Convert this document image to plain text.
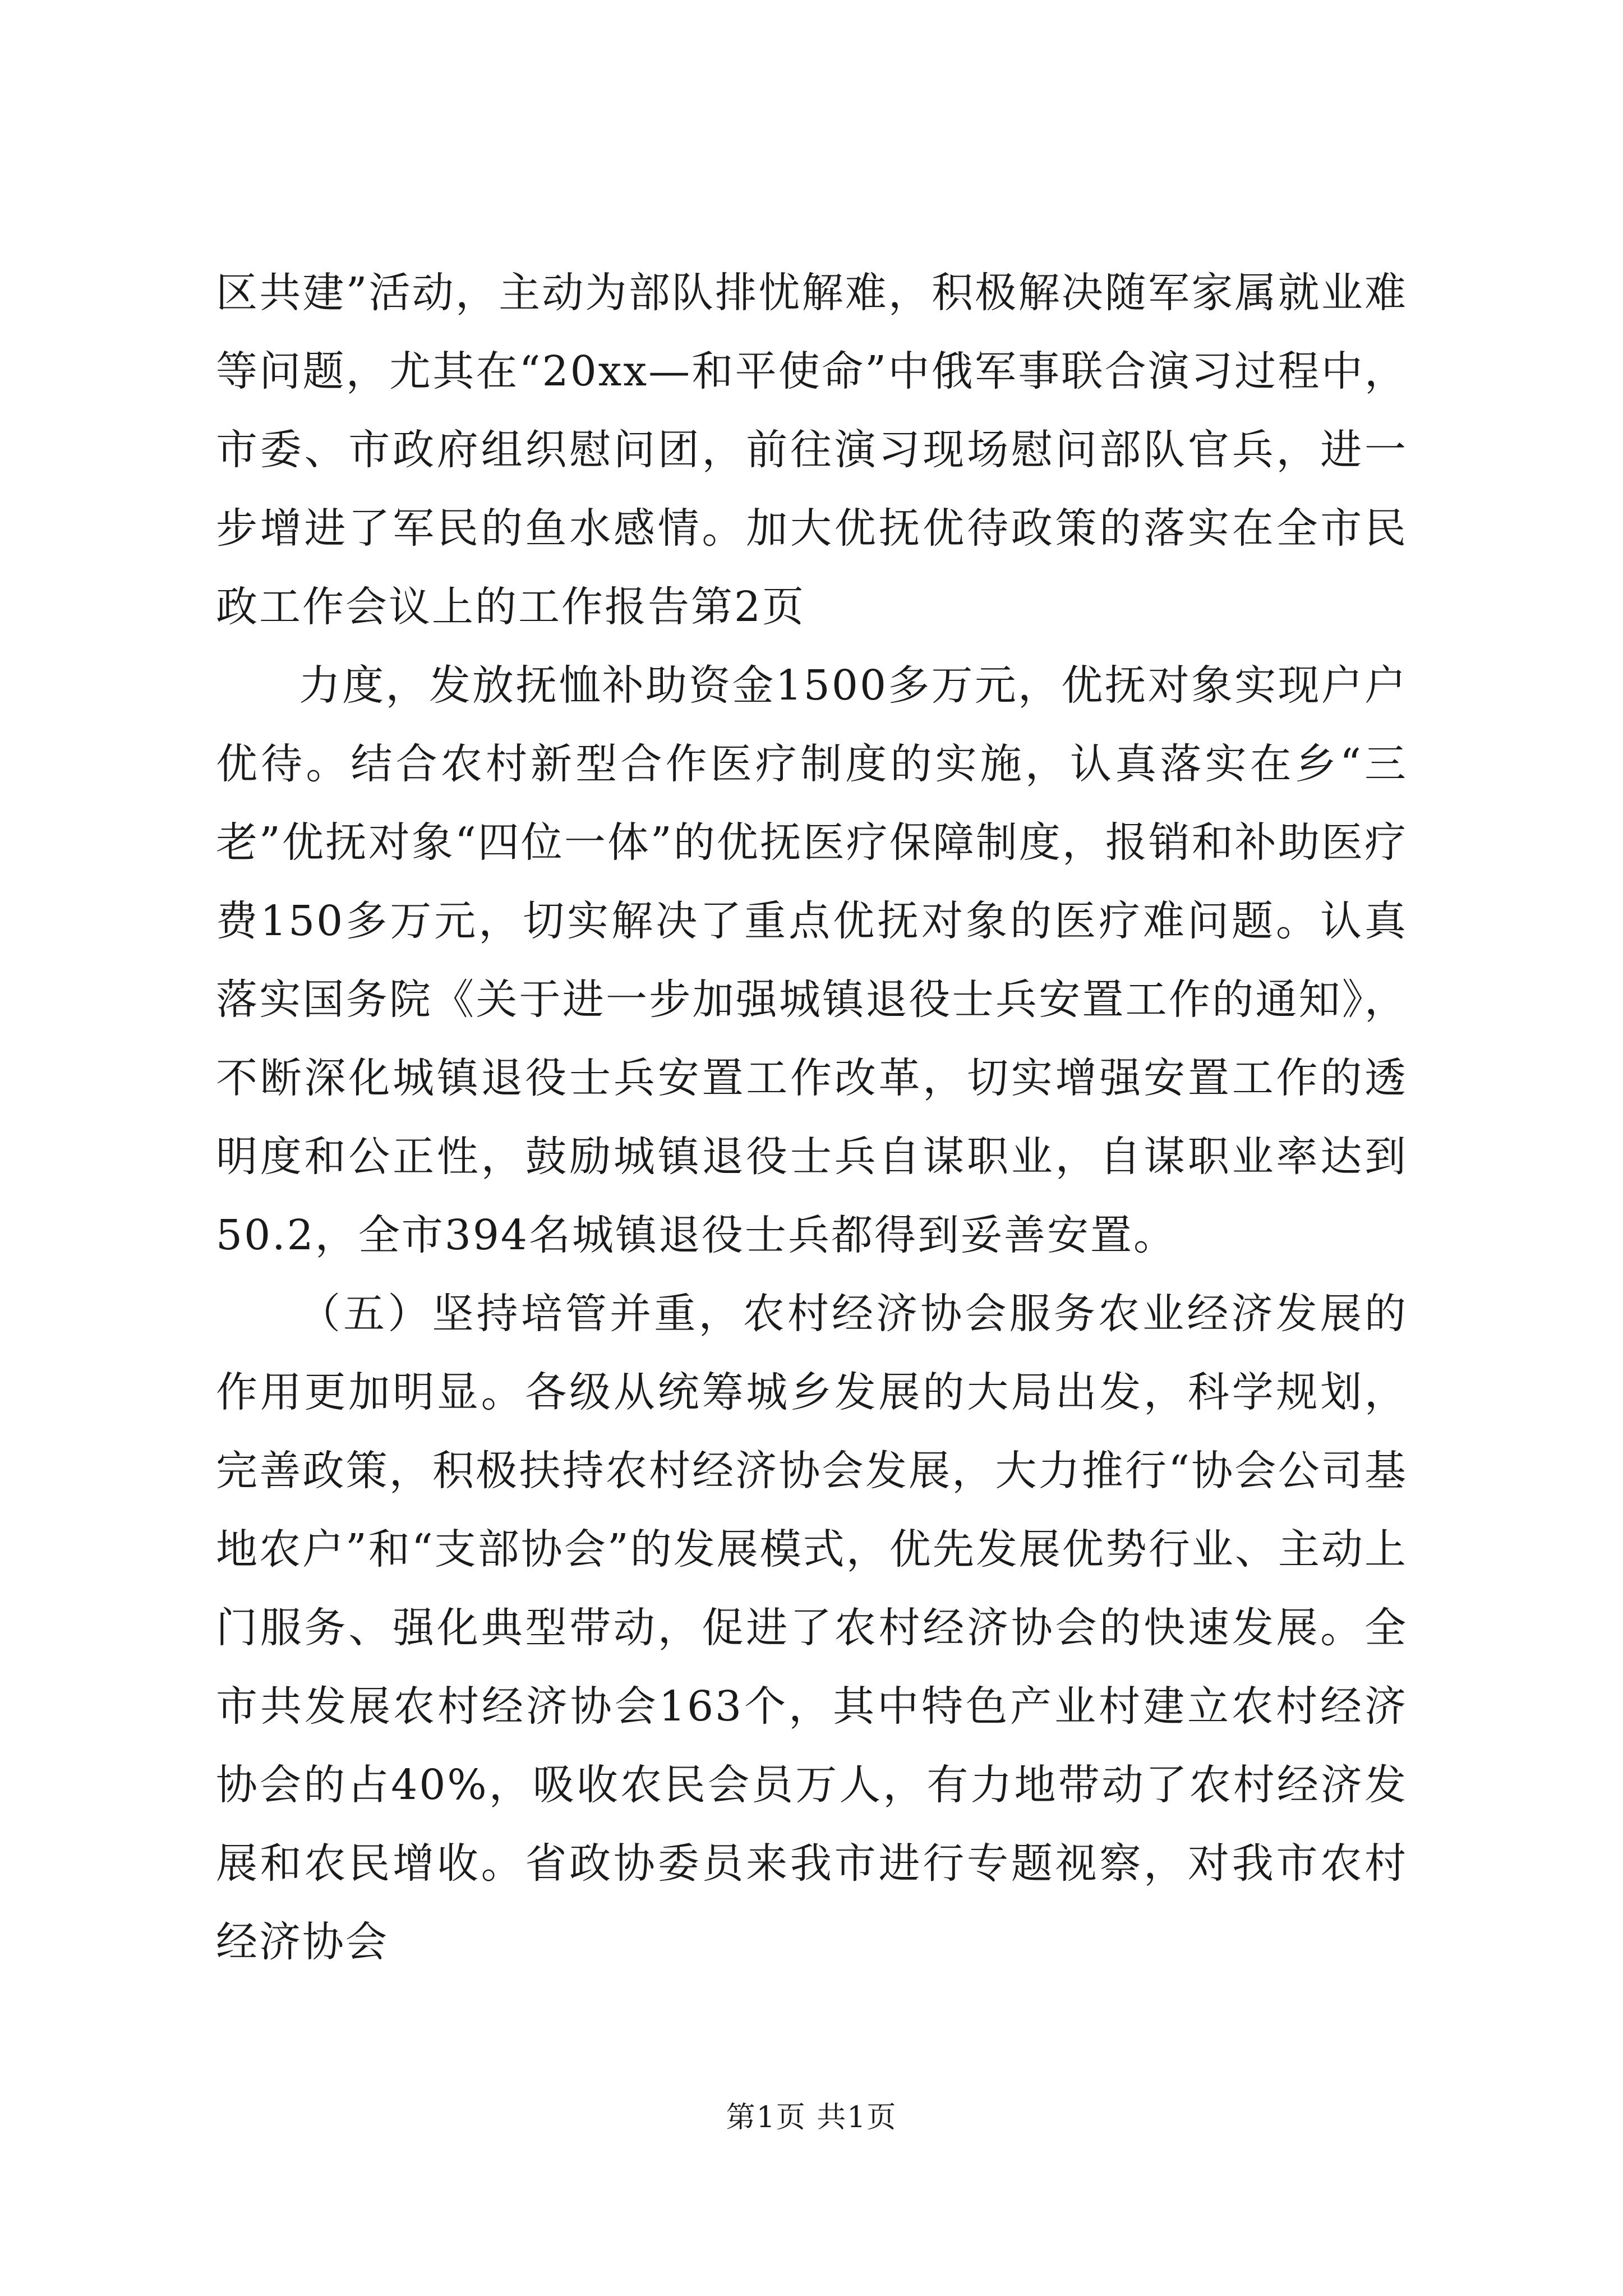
区共建”活动，主动为部队排忧解难，积极解决随军家属就业难等问题，尤其在“20xx—和平使命”中俄军事联合演习过程中，市委、市政府组织慰问团，前往演习现场慰问部队官兵，进一步增进了军民的鱼水感情。加大优抚优待政策的落实在全市民政工作会议上的工作报告第2页

力度，发放抚恤补助资金1500多万元，优抚对象实现户户优待。结合农村新型合作医疗制度的实施，认真落实在乡“三老”优抚对象“四位一体”的优抚医疗保障制度，报销和补助医疗费150多万元，切实解决了重点优抚对象的医疗难问题。认真落实国务院《关于进一步加强城镇退役士兵安置工作的通知》，不断深化城镇退役士兵安置工作改革，切实增强安置工作的透明度和公正性，鼓励城镇退役士兵自谋职业，自谋职业率达到50.2，全市394名城镇退役士兵都得到妥善安置。

（五）坚持培管并重，农村经济协会服务农业经济发展的作用更加明显。各级从统筹城乡发展的大局出发，科学规划，完善政策，积极扶持农村经济协会发展，大力推行“协会公司基地农户”和“支部协会”的发展模式，优先发展优势行业、主动上门服务、强化典型带动，促进了农村经济协会的快速发展。全市共发展农村经济协会163个，其中特色产业村建立农村经济协会的占40%，吸收农民会员万人，有力地带动了农村经济发展和农民增收。省政协委员来我市进行专题视察，对我市农村经济协会

第1页 共1页
